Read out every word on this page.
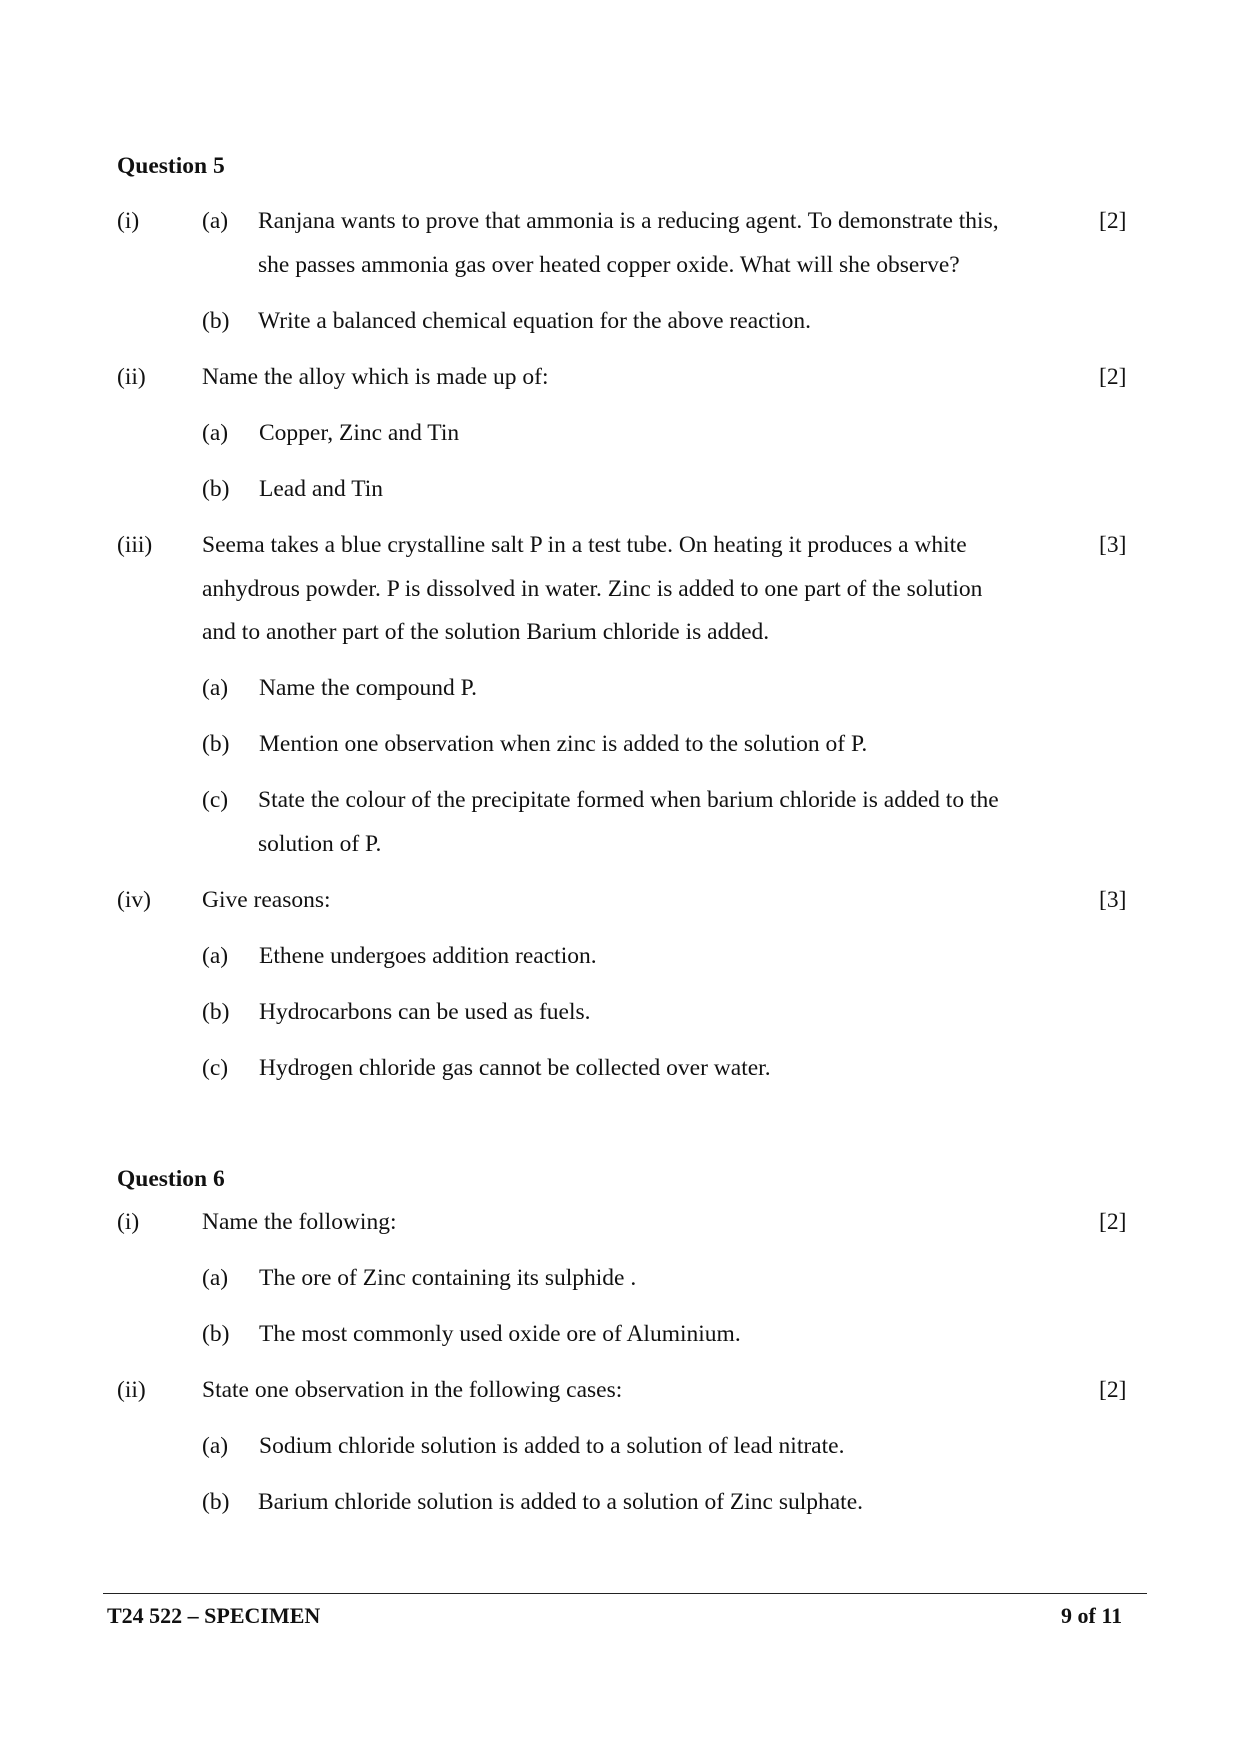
Question 5
(i)	(a) Ranjana wants to prove that ammonia is a reducing agent. To demonstrate this,
she passes ammonia gas over heated copper oxide. What will she observe?
[2]
(b) Write a balanced chemical equation for the above reaction.
(ii) Name the alloy which is made up of:	[2]
(a) Copper, Zinc and Tin
(b) Lead and Tin
(iii) Seema takes a blue crystalline salt P in a test tube. On heating it produces a white
anhydrous powder. P is dissolved in water. Zinc is added to one part of the solution
and to another part of the solution Barium chloride is added.
[3]
(a) Name the compound P.
(b) Mention one observation when zinc is added to the solution of P.
(c) State the colour of the precipitate formed when barium chloride is added to the
solution of P.
(iv) Give reasons:	[3]
(a) Ethene undergoes addition reaction.
(b) Hydrocarbons can be used as fuels.
(c) Hydrogen chloride gas cannot be collected over water.
Question 6
(i)	Name the following:	[2]
(a) The ore of Zinc containing its sulphide .
(b) The most commonly used oxide ore of Aluminium.
(ii) State one observation in the following cases:	[2]
(a) Sodium chloride solution is added to a solution of lead nitrate.
(b) Barium chloride solution is added to a solution of Zinc sulphate.
T24 522 – SPECIMEN	9 of 11
